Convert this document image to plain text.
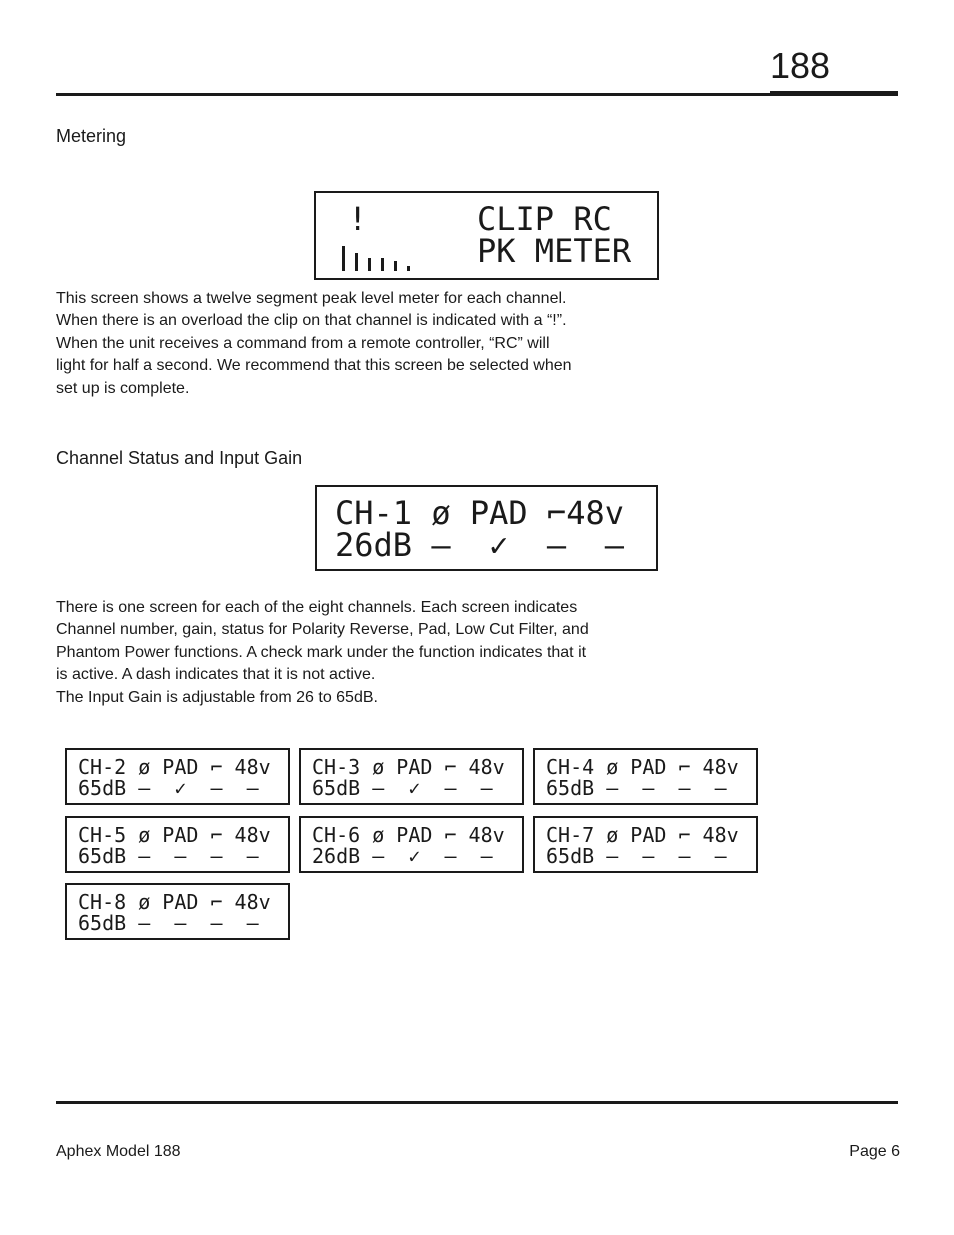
188
Metering
!	CLIP RC
PK METER
This screen shows a twelve segment peak level meter for each channel.
When there is an overload the clip on that channel is indicated with a “!”.
When the unit receives a command from a remote controller, “RC” will
light for half a second. We recommend that this screen be selected when
set up is complete.
Channel Status and Input Gain
CH-1 ø PAD ⌐48v
26dB –  ✓  –  –
There is one screen for each of the eight channels. Each screen indicates
Channel number, gain, status for Polarity Reverse, Pad, Low Cut Filter, and
Phantom Power functions. A check mark under the function indicates that it
is active. A dash indicates that it is not active.
The Input Gain is adjustable from 26 to 65dB.
CH-2 ø PAD ⌐ 48v
65dB –  ✓  –  –
CH-3 ø PAD ⌐ 48v
65dB –  ✓  –  –
CH-4 ø PAD ⌐ 48v
65dB –  –  –  –
CH-5 ø PAD ⌐ 48v
65dB –  –  –  –
CH-6 ø PAD ⌐ 48v
26dB –  ✓  –  –
CH-7 ø PAD ⌐ 48v
65dB –  –  –  –
CH-8 ø PAD ⌐ 48v
65dB –  –  –  –
Aphex Model 188	Page 6
